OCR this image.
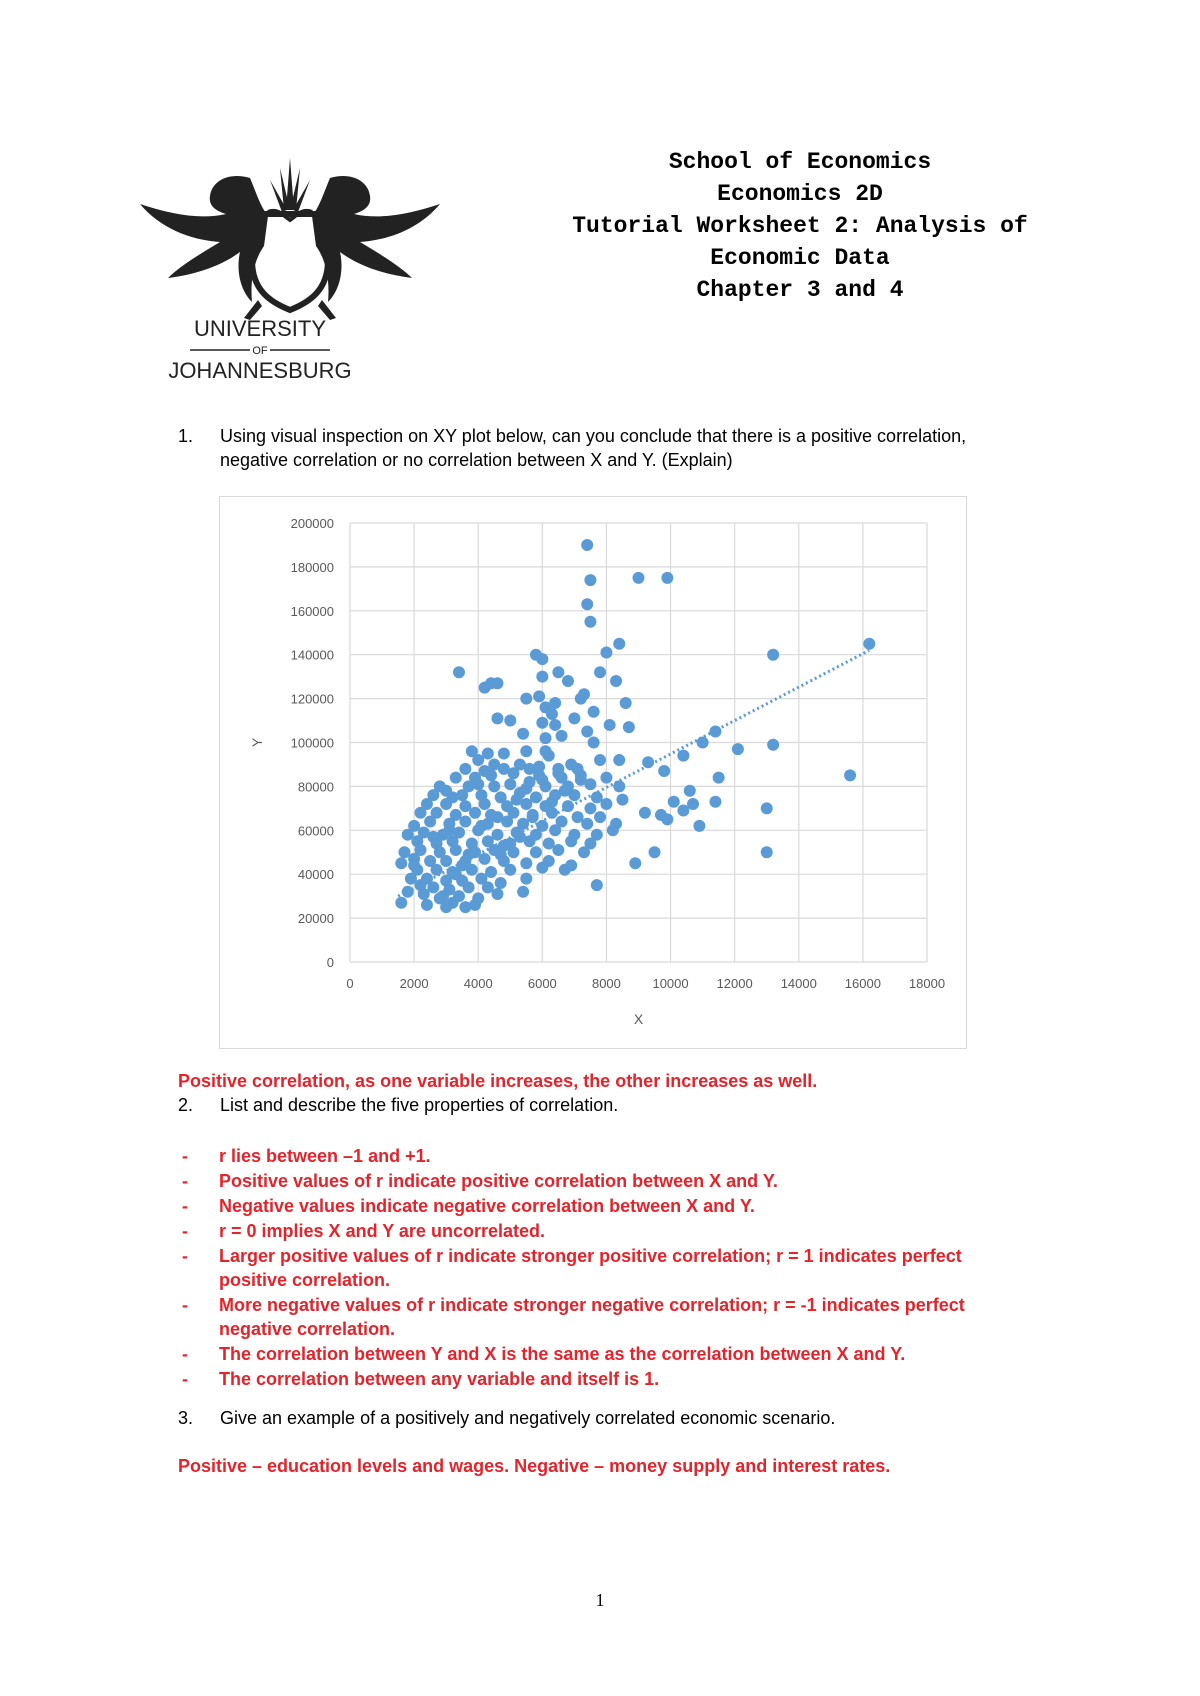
UNIVERSITY
OF
JOHANNESBURG
School of Economics
Economics 2D
Tutorial Worksheet 2: Analysis of
Economic Data
Chapter 3 and 4
1. Using visual inspection on XY plot below, can you conclude that there is a positive correlation,
negative correlation or no correlation between X and Y. (Explain)
0	2000	4000	6000	8000 10000 12000 14000 16000 18000
0
20000
40000
60000
80000
100000
120000
140000
160000
180000
200000
X
Y
Positive correlation, as one variable increases, the other increases as well.
2. List and describe the five properties of correlation.
- r lies between –1 and +1.
- Positive values of r indicate positive correlation between X and Y.
- Negative values indicate negative correlation between X and Y.
- r = 0 implies X and Y are uncorrelated.
- Larger positive values of r indicate stronger positive correlation; r = 1 indicates perfect
positive correlation.
- More negative values of r indicate stronger negative correlation; r = -1 indicates perfect
negative correlation.
- The correlation between Y and X is the same as the correlation between X and Y.
- The correlation between any variable and itself is 1.
3. Give an example of a positively and negatively correlated economic scenario.
Positive – education levels and wages. Negative – money supply and interest rates.
1
